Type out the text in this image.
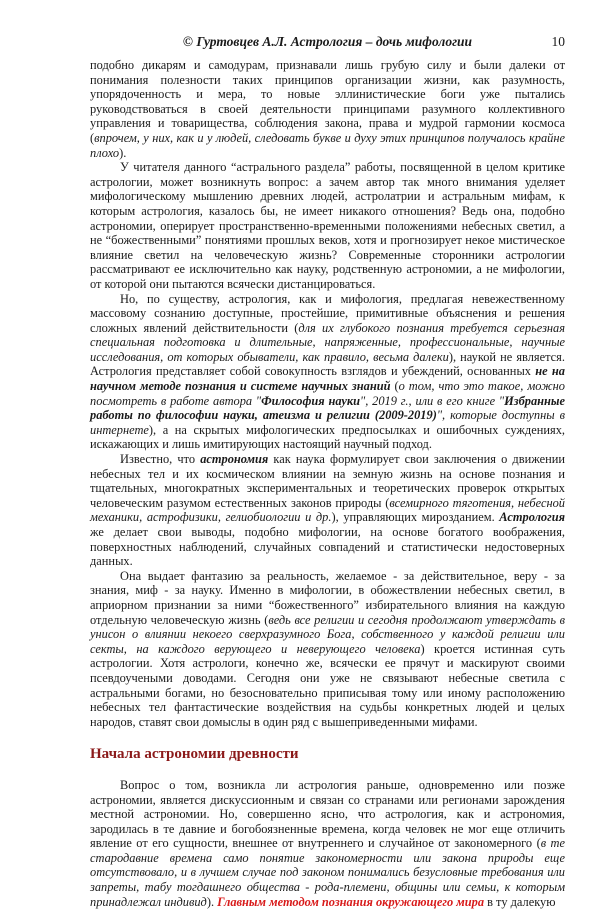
© Гуртовцев А.Л. Астрология – дочь мифологии	10

подобно дикарям и самодурам, признавали лишь грубую силу и были далеки от понимания полезности таких принципов организации жизни, как разумность, упорядоченность и мера, то новые эллинистические боги уже пытались руководствоваться в своей деятельности принципами разумного коллективного управления и товарищества, соблюдения закона, права и мудрой гармонии космоса (впрочем, у них, как и у людей, следовать букве и духу этих принципов получалось крайне плохо).

У читателя данного “астрального раздела” работы, посвященной в целом критике астрологии, может возникнуть вопрос: а зачем автор так много внимания уделяет мифологическому мышлению древних людей, астролатрии и астральным мифам, к которым астрология, казалось бы, не имеет никакого отношения? Ведь она, подобно астрономии, оперирует пространственно-временными положениями небесных светил, а не “божественными” понятиями прошлых веков, хотя и прогнозирует некое мистическое влияние светил на человеческую жизнь? Современные сторонники астрологии рассматривают ее исключительно как науку, родственную астрономии, а не мифологии, от которой они пытаются всячески дистанцироваться.

Но, по существу, астрология, как и мифология, предлагая невежественному массовому сознанию доступные, простейшие, примитивные объяснения и решения сложных явлений действительности (для их глубокого познания требуется серьезная специальная подготовка и длительные, напряженные, профессиональные, научные исследования, от которых обыватели, как правило, весьма далеки), наукой не является. Астрология представляет собой совокупность взглядов и убеждений, основанных не на научном методе познания и системе научных знаний (о том, что это такое, можно посмотреть в работе автора "Философия науки", 2019 г., или в его книге "Избранные работы по философии науки, атеизма и религии (2009-2019)", которые доступны в интернете), а на скрытых мифологических предпосылках и ошибочных суждениях, искажающих и лишь имитирующих настоящий научный подход.

Известно, что астрономия как наука формулирует свои заключения о движении небесных тел и их космическом влиянии на земную жизнь на основе познания и тщательных, многократных экспериментальных и теоретических проверок открытых человеческим разумом естественных законов природы (всемирного тяготения, небесной механики, астрофизики, гелиобиологии и др.), управляющих мирозданием. Астрология же делает свои выводы, подобно мифологии, на основе богатого воображения, поверхностных наблюдений, случайных совпадений и статистически недостоверных данных.

Она выдает фантазию за реальность, желаемое - за действительное, веру - за знания, миф - за науку. Именно в мифологии, в обожествлении небесных светил, в априорном признании за ними “божественного” избирательного влияния на каждую отдельную человеческую жизнь (ведь все религии и сегодня продолжают утверждать в унисон о влиянии некоего сверхразумного Бога, собственного у каждой религии или секты, на каждого верующего и неверующего человека) кроется истинная суть астрологии. Хотя астрологи, конечно же, всячески ее прячут и маскируют своими псевдоучеными доводами. Сегодня они уже не связывают небесные светила с астральными богами, но безосновательно приписывая тому или иному расположению небесных тел фантастические воздействия на судьбы конкретных людей и целых народов, ставят свои домыслы в один ряд с вышеприведенными мифами.

Начала астрономии древности

Вопрос о том, возникла ли астрология раньше, одновременно или позже астрономии, является дискуссионным и связан со странами или регионами зарождения местной астрономии. Но, совершенно ясно, что астрология, как и астрономия, зародилась в те давние и богобоязненные времена, когда человек не мог еще отличить явление от его сущности, внешнее от внутреннего и случайное от закономерного (в те стародавние времена само понятие закономерности или закона природы еще отсутствовало, и в лучшем случае под законом понимались безусловные требования или запреты, табу тогдашнего общества - рода-племени, общины или семьи, к которым принадлежал индивид). Главным методом познания окружающего мира в ту далекую
